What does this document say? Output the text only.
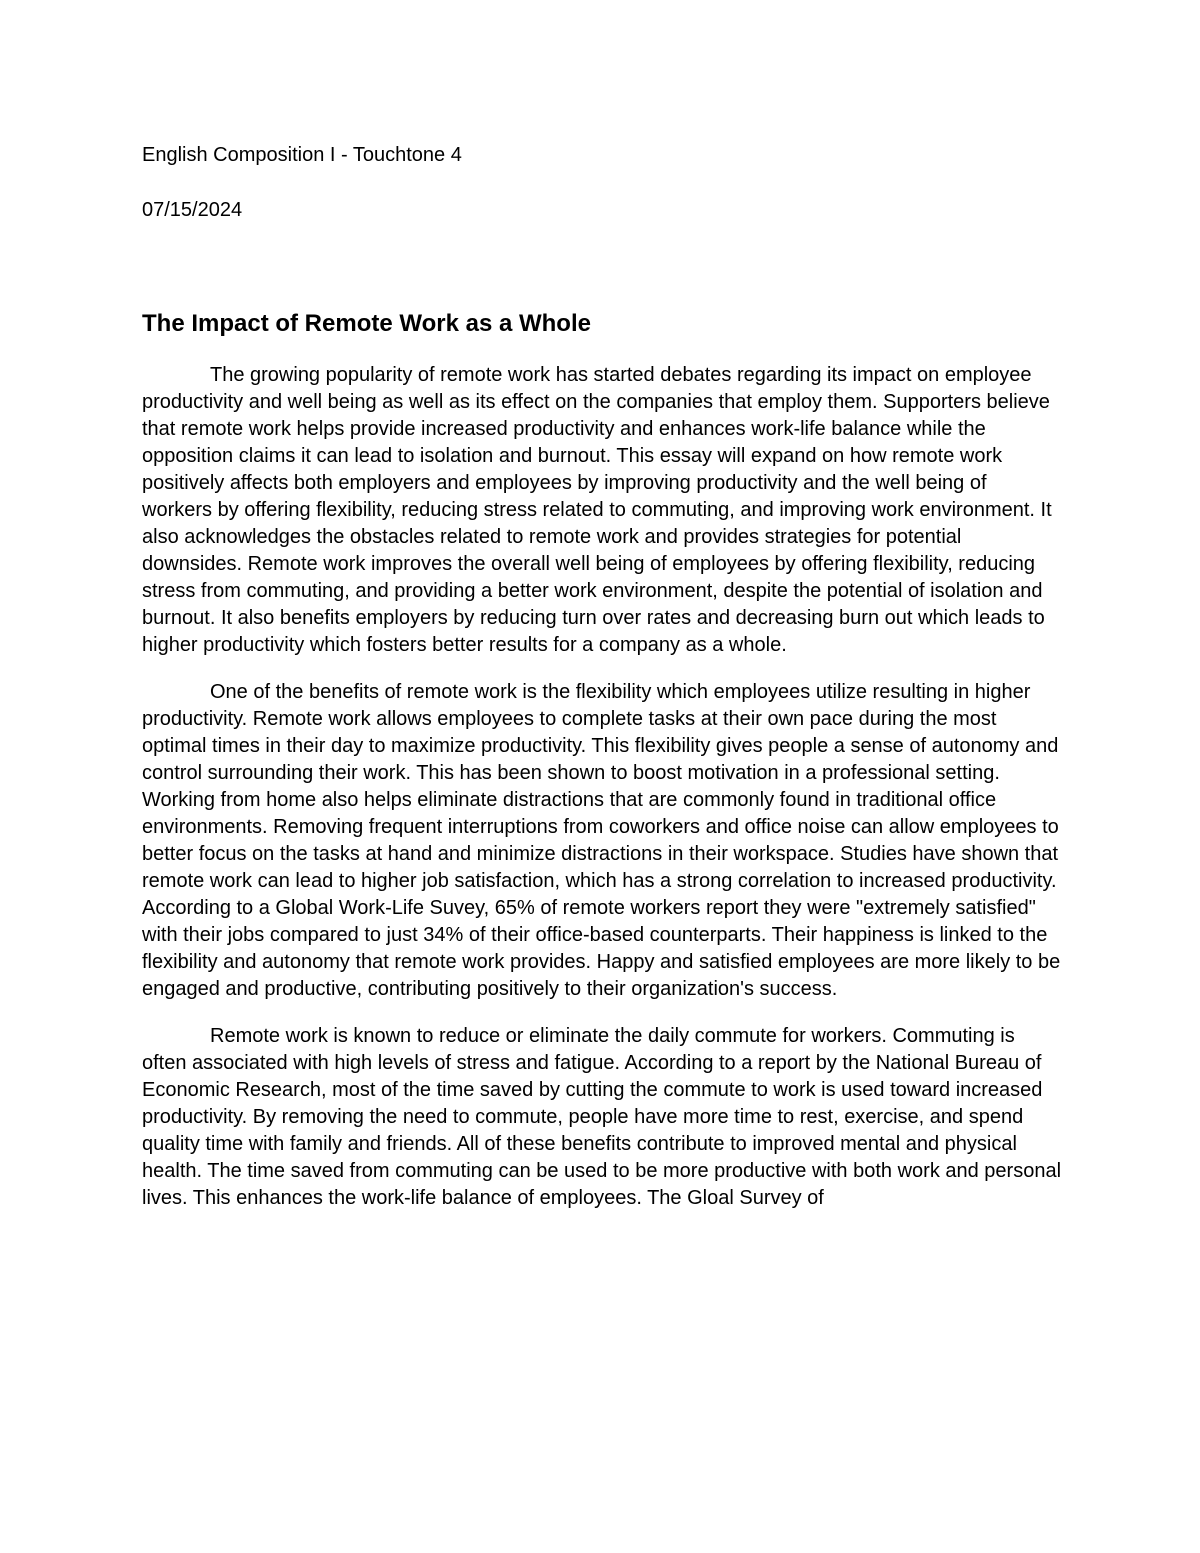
English Composition I - Touchtone 4

07/15/2024

The Impact of Remote Work as a Whole

The growing popularity of remote work has started debates regarding its impact on employee productivity and well being as well as its effect on the companies that employ them. Supporters believe that remote work helps provide increased productivity and enhances work-life balance while the opposition claims it can lead to isolation and burnout. This essay will expand on how remote work positively affects both employers and employees by improving productivity and the well being of workers by offering flexibility, reducing stress related to commuting, and improving work environment. It also acknowledges the obstacles related to remote work and provides strategies for potential downsides. Remote work improves the overall well being of employees by offering flexibility, reducing stress from commuting, and providing a better work environment, despite the potential of isolation and burnout. It also benefits employers by reducing turn over rates and decreasing burn out which leads to higher productivity which fosters better results for a company as a whole.

One of the benefits of remote work is the flexibility which employees utilize resulting in higher productivity. Remote work allows employees to complete tasks at their own pace during the most optimal times in their day to maximize productivity. This flexibility gives people a sense of autonomy and control surrounding their work. This has been shown to boost motivation in a professional setting. Working from home also helps eliminate distractions that are commonly found in traditional office environments. Removing frequent interruptions from coworkers and office noise can allow employees to better focus on the tasks at hand and minimize distractions in their workspace. Studies have shown that remote work can lead to higher job satisfaction, which has a strong correlation to increased productivity. According to a Global Work-Life Suvey, 65% of remote workers report they were "extremely satisfied" with their jobs compared to just 34% of their office-based counterparts. Their happiness is linked to the flexibility and autonomy that remote work provides. Happy and satisfied employees are more likely to be engaged and productive, contributing positively to their organization's success.

Remote work is known to reduce or eliminate the daily commute for workers. Commuting is often associated with high levels of stress and fatigue. According to a report by the National Bureau of Economic Research, most of the time saved by cutting the commute to work is used toward increased productivity. By removing the need to commute, people have more time to rest, exercise, and spend quality time with family and friends. All of these benefits contribute to improved mental and physical health. The time saved from commuting can be used to be more productive with both work and personal lives. This enhances the work-life balance of employees. The Gloal Survey of
